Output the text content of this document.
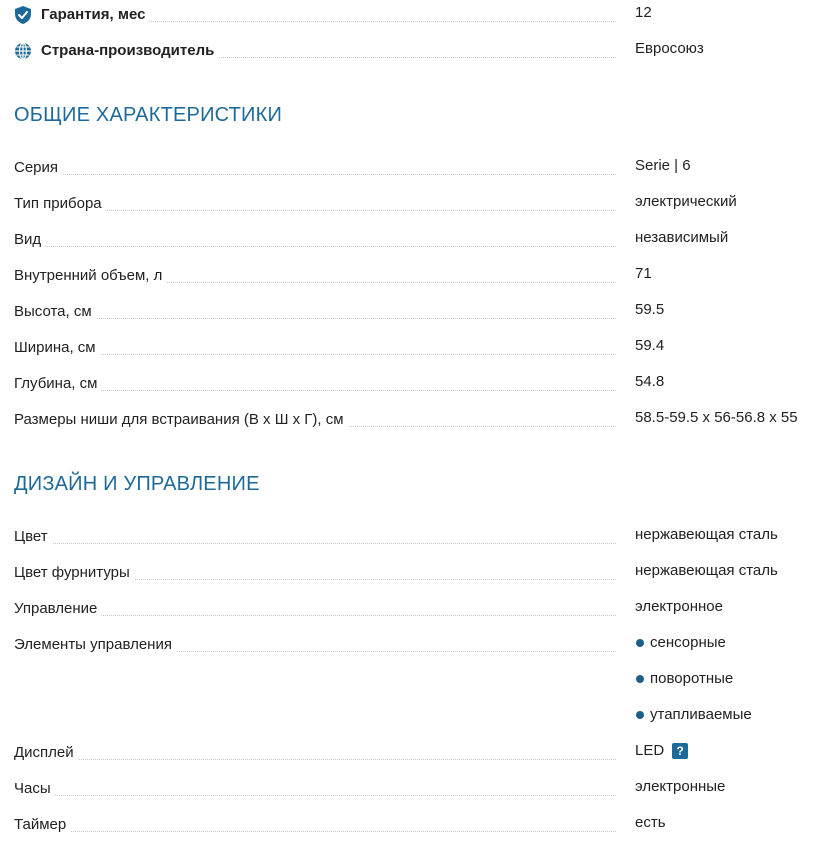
Гарантия, мес	12
Страна-производитель	Евросоюз
ОБЩИЕ ХАРАКТЕРИСТИКИ
Серия	Serie | 6
Тип прибора	электрический
Вид	независимый
Внутренний объем, л	71
Высота, см	59.5
Ширина, см	59.4
Глубина, см	54.8
Размеры ниши для встраивания (В х Ш х Г), см	58.5-59.5 х 56-56.8 х 55
ДИЗАЙН И УПРАВЛЕНИЕ
Цвет	нержавеющая сталь
Цвет фурнитуры	нержавеющая сталь
Управление	электронное
Элементы управления	сенсорные
поворотные
утапливаемые
Дисплей	LED	?
Часы	электронные
Таймер	есть
